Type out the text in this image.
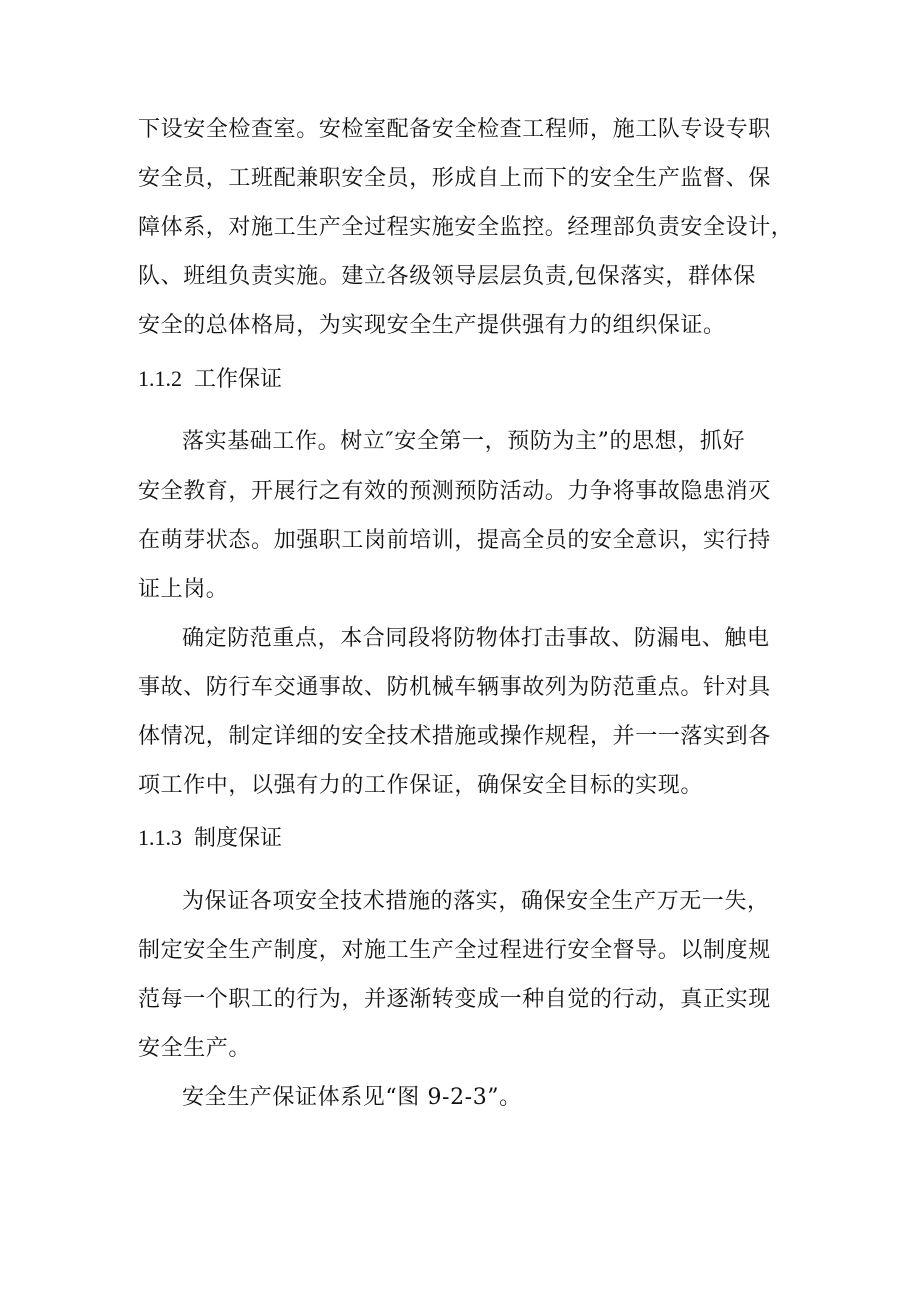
下设安全检查室。安检室配备安全检查工程师，施工队专设专职
安全员，工班配兼职安全员，形成自上而下的安全生产监督、保
障体系，对施工生产全过程实施安全监控。经理部负责安全设计，
队、班组负责实施。建立各级领导层层负责,包保落实，群体保
安全的总体格局，为实现安全生产提供强有力的组织保证。
1.1.2 工作保证
落实基础工作。树立″安全第一，预防为主”的思想，抓好
安全教育，开展行之有效的预测预防活动。力争将事故隐患消灭
在萌芽状态。加强职工岗前培训，提高全员的安全意识，实行持
证上岗。
确定防范重点，本合同段将防物体打击事故、防漏电、触电
事故、防行车交通事故、防机械车辆事故列为防范重点。针对具
体情况，制定详细的安全技术措施或操作规程，并一一落实到各
项工作中，以强有力的工作保证，确保安全目标的实现。
1.1.3 制度保证
为保证各项安全技术措施的落实，确保安全生产万无一失，
制定安全生产制度，对施工生产全过程进行安全督导。以制度规
范每一个职工的行为，并逐渐转变成一种自觉的行动，真正实现
安全生产。
安全生产保证体系见“图 9-2-3”。
